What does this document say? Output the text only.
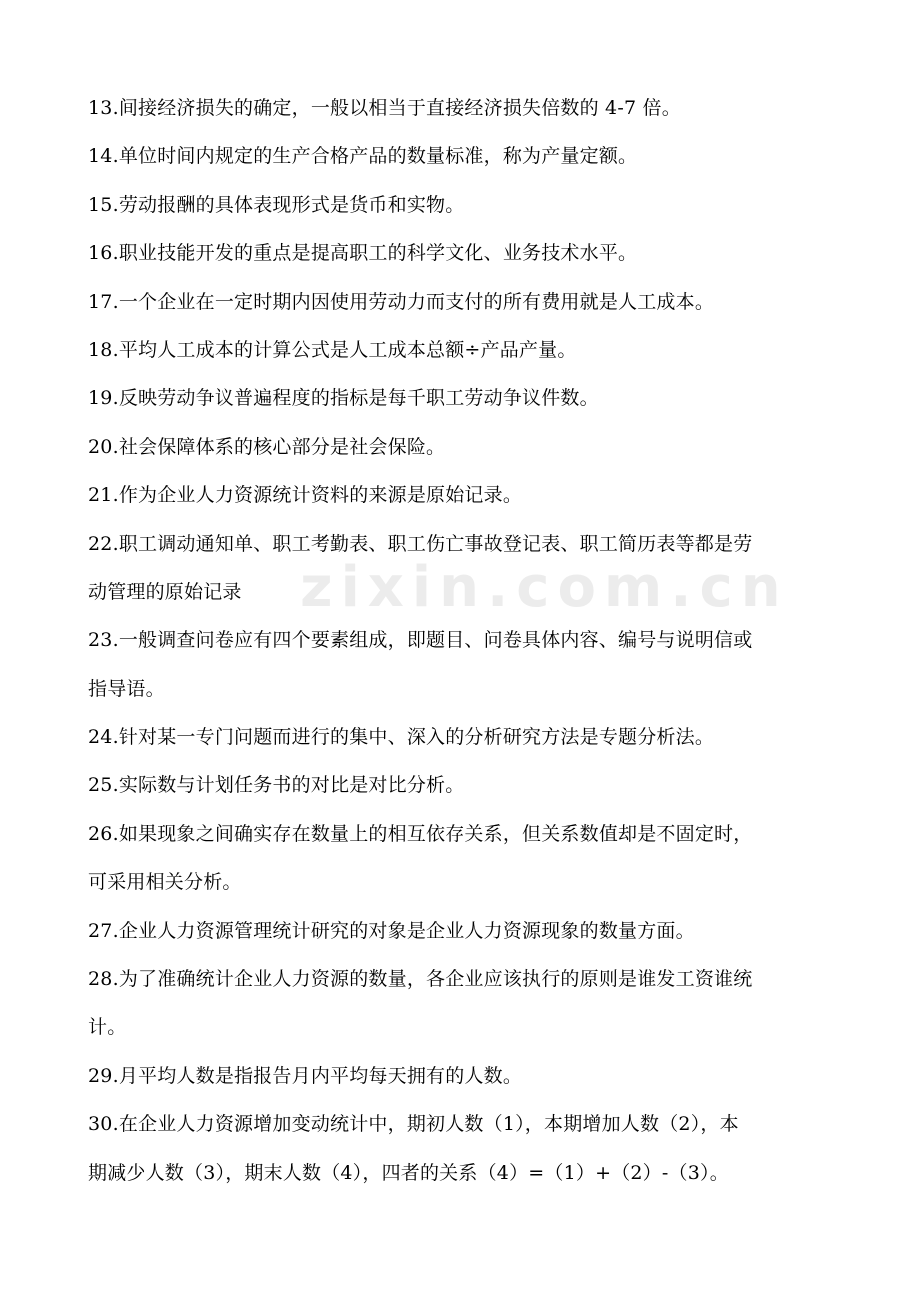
zixin.com.cn
13.间接经济损失的确定，一般以相当于直接经济损失倍数的 4-7 倍。
14.单位时间内规定的生产合格产品的数量标准，称为产量定额。
15.劳动报酬的具体表现形式是货币和实物。
16.职业技能开发的重点是提高职工的科学文化、业务技术水平。
17.一个企业在一定时期内因使用劳动力而支付的所有费用就是人工成本。
18.平均人工成本的计算公式是人工成本总额÷产品产量。
19.反映劳动争议普遍程度的指标是每千职工劳动争议件数。
20.社会保障体系的核心部分是社会保险。
21.作为企业人力资源统计资料的来源是原始记录。
22.职工调动通知单、职工考勤表、职工伤亡事故登记表、职工简历表等都是劳
动管理的原始记录
23.一般调查问卷应有四个要素组成，即题目、问卷具体内容、编号与说明信或
指导语。
24.针对某一专门问题而进行的集中、深入的分析研究方法是专题分析法。
25.实际数与计划任务书的对比是对比分析。
26.如果现象之间确实存在数量上的相互依存关系，但关系数值却是不固定时，
可采用相关分析。
27.企业人力资源管理统计研究的对象是企业人力资源现象的数量方面。
28.为了准确统计企业人力资源的数量，各企业应该执行的原则是谁发工资谁统
计。
29.月平均人数是指报告月内平均每天拥有的人数。
30.在企业人力资源增加变动统计中，期初人数（1），本期增加人数（2），本
期减少人数（3），期末人数（4），四者的关系（4）=（1）+（2）-（3）。
